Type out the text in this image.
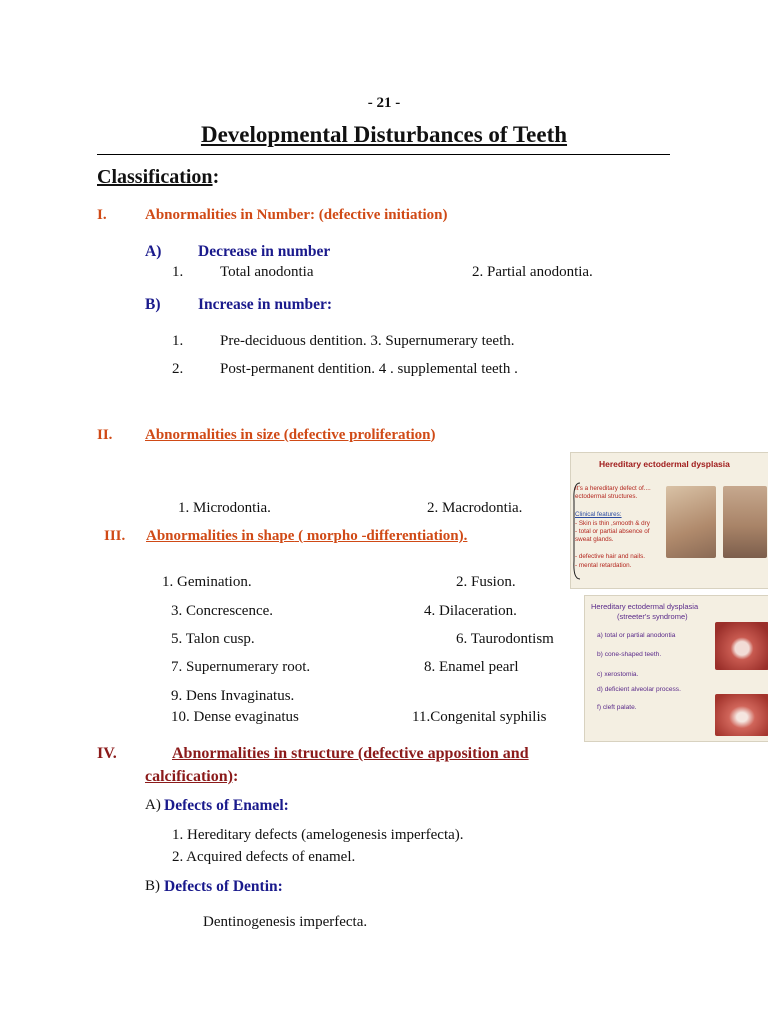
- 21 -
Developmental Disturbances of Teeth
Classification:
I.	Abnormalities in Number: (defective initiation)
A) Decrease in number
1. Total anodontia	2. Partial anodontia.
B) Increase in number:
1. Pre-deciduous dentition. 3. Supernumerary teeth.
2. Post-permanent dentition. 4 . supplemental teeth .
II. Abnormalities in size (defective proliferation)
1. Microdontia.	2. Macrodontia.
III. Abnormalities in shape ( morpho -differentiation).
1. Gemination.	2. Fusion.
3. Concrescence.	4. Dilaceration.
5. Talon cusp.	6. Taurodontism
7. Supernumerary root.	8. Enamel pearl
9. Dens Invaginatus.
10. Dense evaginatus	11.Congenital syphilis
IV.	Abnormalities in structure (defective apposition and
calcification):
A) Defects of Enamel:
1. Hereditary defects (amelogenesis imperfecta).
2. Acquired defects of enamel.
B) Defects of Dentin:
Dentinogenesis imperfecta.
Hereditary ectodermal dysplasia
It's a hereditary defect of....
ectodermal structures.
Clinical features:
- Skin is thin ,smooth & dry
- total or partial absence of
sweat glands.
- defective hair and nails.
- mental retardation.
Hereditary ectodermal dysplasia
(streeter's syndrome)
a) total or partial anodontia
b) cone-shaped teeth.
c) xerostomia.
d) deficient alveolar process.
f) cleft palate.
